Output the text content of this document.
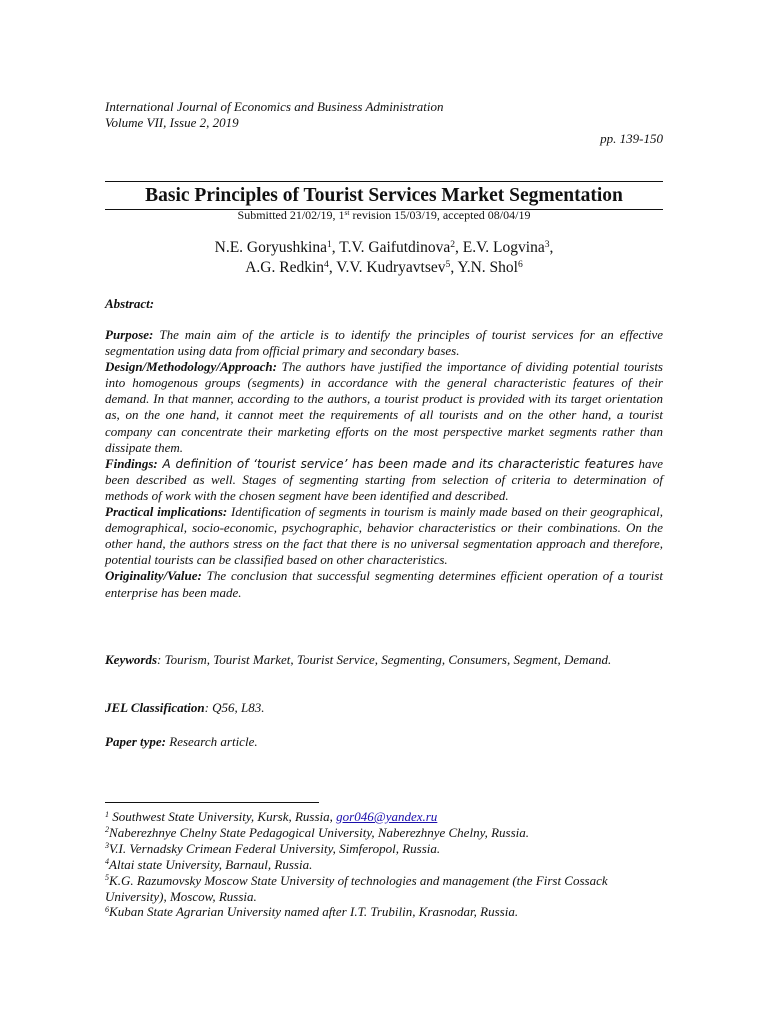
International Journal of Economics and Business Administration
Volume VII, Issue 2, 2019
pp. 139-150
Basic Principles of Tourist Services Market Segmentation
Submitted 21/02/19, 1st revision 15/03/19, accepted 08/04/19
N.E. Goryushkina$^1$, T.V. Gaifutdinova$^2$, E.V. Logvina$^3$,
A.G. Redkin$^4$, V.V. Kudryavtsev$^5$, Y.N. Shol$^6$
Abstract:

Purpose: The main aim of the article is to identify the principles of tourist services for an effective segmentation using data from official primary and secondary bases.

Design/Methodology/Approach: The authors have justified the importance of dividing potential tourists into homogenous groups (segments) in accordance with the general characteristic features of their demand. In that manner, according to the authors, a tourist product is provided with its target orientation as, on the one hand, it cannot meet the requirements of all tourists and on the other hand, a tourist company can concentrate their marketing efforts on the most perspective market segments rather than dissipate them.

Findings: A definition of ‘tourist service’ has been made and its characteristic features have been described as well. Stages of segmenting starting from selection of criteria to determination of methods of work with the chosen segment have been identified and described.

Practical implications: Identification of segments in tourism is mainly made based on their geographical, demographical, socio-economic, psychographic, behavior characteristics or their combinations. On the other hand, the authors stress on the fact that there is no universal segmentation approach and therefore, potential tourists can be classified based on other characteristics.

Originality/Value: The conclusion that successful segmenting determines efficient operation of a tourist enterprise has been made.

Keywords: Tourism, Tourist Market, Tourist Service, Segmenting, Consumers, Segment, Demand.
JEL Classification: Q56, L83.
Paper type: Research article.
$^1$ Southwest State University, Kursk, Russia, gor046@yandex.ru
$^2$Naberezhnye Chelny State Pedagogical University, Naberezhnye Chelny, Russia.
$^3$V.I. Vernadsky Crimean Federal University, Simferopol, Russia.
$^4$Altai state University, Barnaul, Russia.
$^5$K.G. Razumovsky Moscow State University of technologies and management (the First Cossack University), Moscow, Russia.
$^6$Kuban State Agrarian University named after I.T. Trubilin, Krasnodar, Russia.
